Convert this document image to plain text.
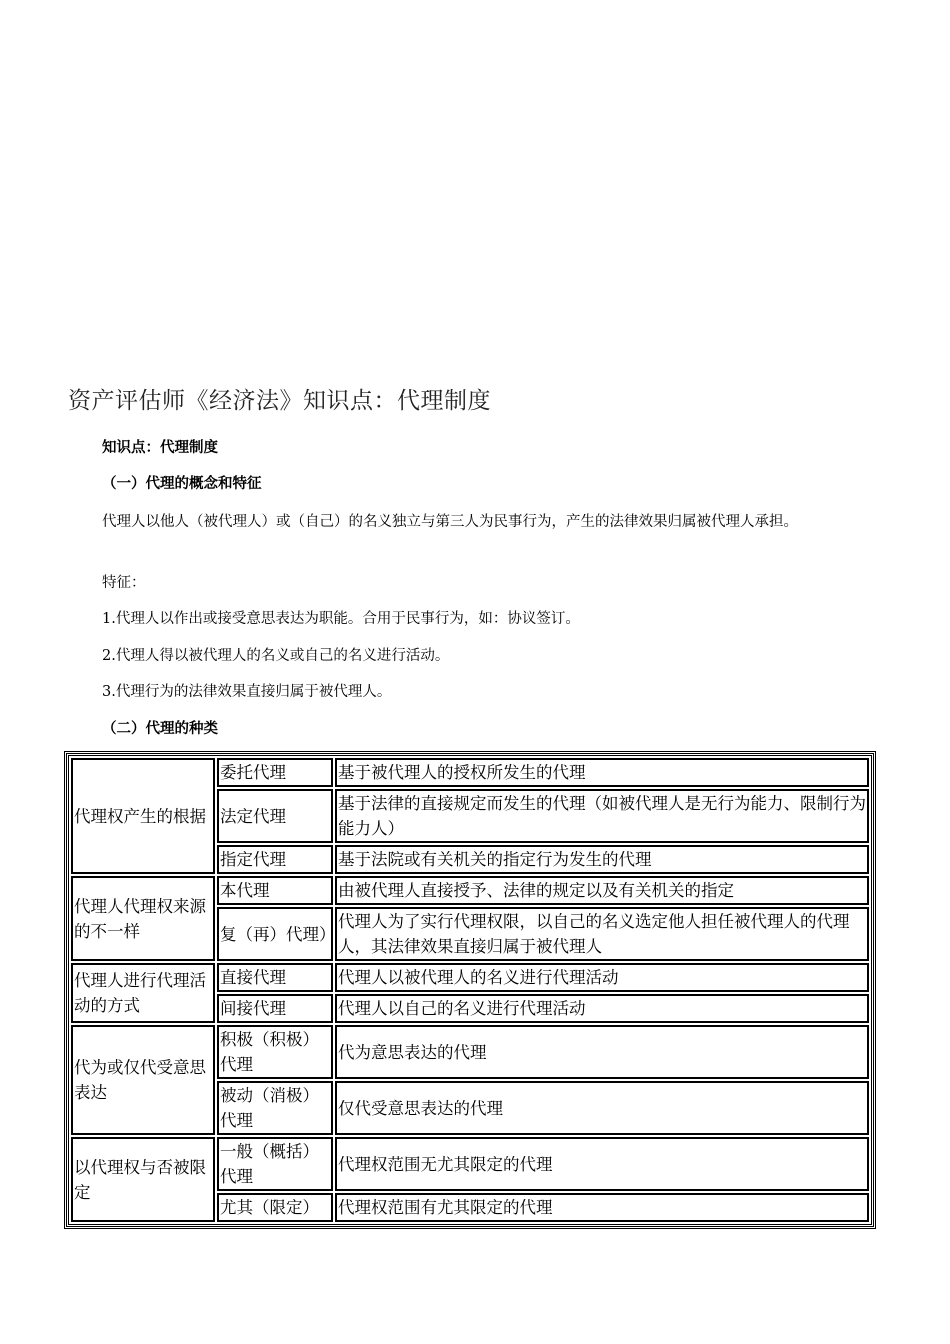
资产评估师《经济法》知识点：代理制度
知识点：代理制度
（一）代理的概念和特征
代理人以他人（被代理人）或（自己）的名义独立与第三人为民事行为，产生的法律效果归属被代理人承担。
特征：
1.代理人以作出或接受意思表达为职能。合用于民事行为，如：协议签订。
2.代理人得以被代理人的名义或自己的名义进行活动。
3.代理行为的法律效果直接归属于被代理人。
（二）代理的种类
代理权产生的根据	委托代理	基于被代理人的授权所发生的代理
	法定代理	基于法律的直接规定而发生的代理（如被代理人是无行为能力、限制行为能力人）
	指定代理	基于法院或有关机关的指定行为发生的代理
代理人代理权来源的不一样	本代理	由被代理人直接授予、法律的规定以及有关机关的指定
	复（再）代理）	代理人为了实行代理权限，以自己的名义选定他人担任被代理人的代理人，其法律效果直接归属于被代理人
代理人进行代理活动的方式	直接代理	代理人以被代理人的名义进行代理活动
	间接代理	代理人以自己的名义进行代理活动
代为或仅代受意思表达	积极（积极）代理	代为意思表达的代理
	被动（消极）代理	仅代受意思表达的代理
以代理权与否被限定	一般（概括）代理	代理权范围无尤其限定的代理
	尤其（限定）	代理权范围有尤其限定的代理
